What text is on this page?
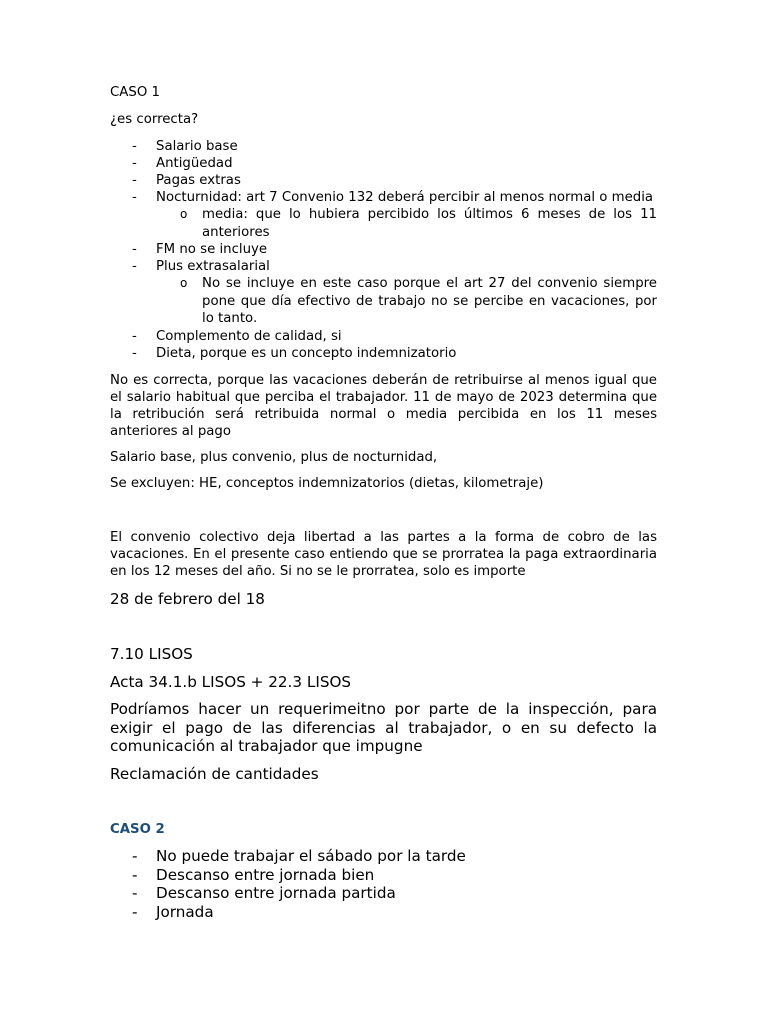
CASO 1

¿es correcta?

- Salario base
- Antigüedad
- Pagas extras
- Nocturnidad: art 7 Convenio 132 deberá percibir al menos normal o media
o	media: que lo hubiera percibido los últimos 6 meses de los 11 anteriores
- FM no se incluye
- Plus extrasalarial
o	No se incluye en este caso porque el art 27 del convenio siempre pone que día efectivo de trabajo no se percibe en vacaciones, por lo tanto.
- Complemento de calidad, si
- Dieta, porque es un concepto indemnizatorio

No es correcta, porque las vacaciones deberán de retribuirse al menos igual que el salario habitual que perciba el trabajador. 11 de mayo de 2023 determina que la retribución será retribuida normal o media percibida en los 11 meses anteriores al pago

Salario base, plus convenio, plus de nocturnidad,

Se excluyen: HE, conceptos indemnizatorios (dietas, kilometraje)

El convenio colectivo deja libertad a las partes a la forma de cobro de las vacaciones. En el presente caso entiendo que se prorratea la paga extraordinaria en los 12 meses del año. Si no se le prorratea, solo es importe

28 de febrero del 18

7.10 LISOS

Acta 34.1.b LISOS + 22.3 LISOS

Podríamos hacer un requerimeitno por parte de la inspección, para exigir el pago de las diferencias al trabajador, o en su defecto la comunicación al trabajador que impugne

Reclamación de cantidades

CASO 2

- No puede trabajar el sábado por la tarde
- Descanso entre jornada bien
- Descanso entre jornada partida
- Jornada
